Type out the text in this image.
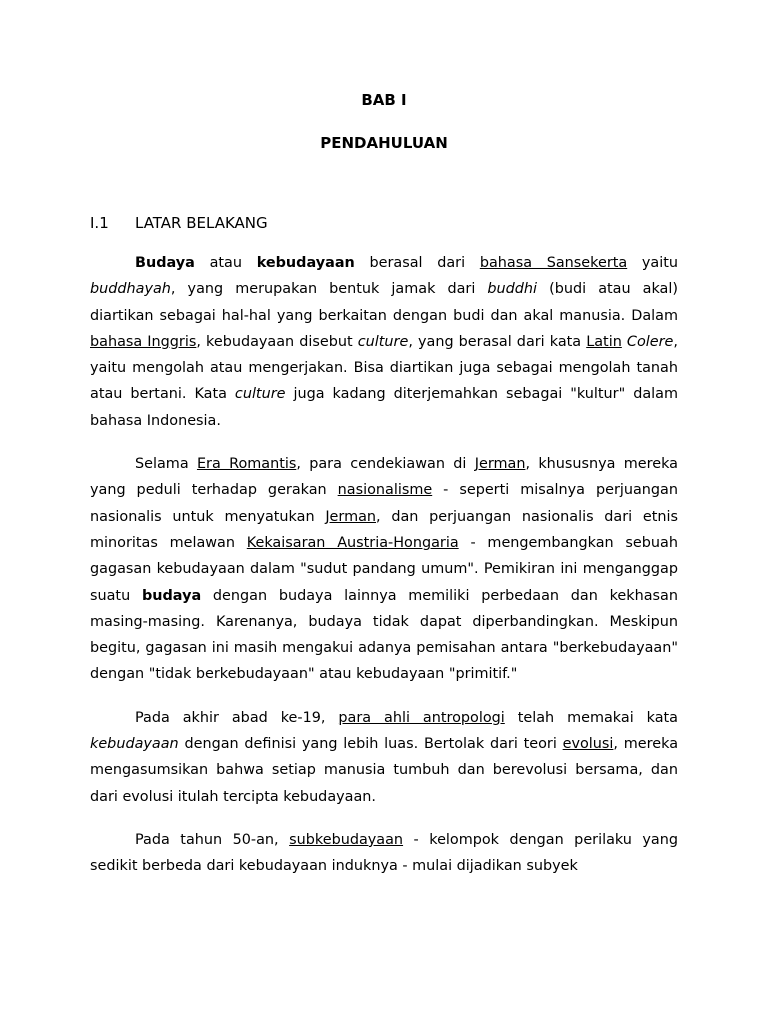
BAB I
PENDAHULUAN
I.1 LATAR BELAKANG

Budaya atau kebudayaan berasal dari bahasa Sansekerta yaitu buddhayah, yang merupakan bentuk jamak dari buddhi (budi atau akal) diartikan sebagai hal-hal yang berkaitan dengan budi dan akal manusia. Dalam bahasa Inggris, kebudayaan disebut culture, yang berasal dari kata Latin Colere, yaitu mengolah atau mengerjakan. Bisa diartikan juga sebagai mengolah tanah atau bertani. Kata culture juga kadang diterjemahkan sebagai "kultur" dalam bahasa Indonesia.

Selama Era Romantis, para cendekiawan di Jerman, khususnya mereka yang peduli terhadap gerakan nasionalisme - seperti misalnya perjuangan nasionalis untuk menyatukan Jerman, dan perjuangan nasionalis dari etnis minoritas melawan Kekaisaran Austria-Hongaria - mengembangkan sebuah gagasan kebudayaan dalam "sudut pandang umum". Pemikiran ini menganggap suatu budaya dengan budaya lainnya memiliki perbedaan dan kekhasan masing-masing. Karenanya, budaya tidak dapat diperbandingkan. Meskipun begitu, gagasan ini masih mengakui adanya pemisahan antara "berkebudayaan" dengan "tidak berkebudayaan" atau kebudayaan "primitif."

Pada akhir abad ke-19, para ahli antropologi telah memakai kata kebudayaan dengan definisi yang lebih luas. Bertolak dari teori evolusi, mereka mengasumsikan bahwa setiap manusia tumbuh dan berevolusi bersama, dan dari evolusi itulah tercipta kebudayaan.

Pada tahun 50-an, subkebudayaan - kelompok dengan perilaku yang sedikit berbeda dari kebudayaan induknya - mulai dijadikan subyek
